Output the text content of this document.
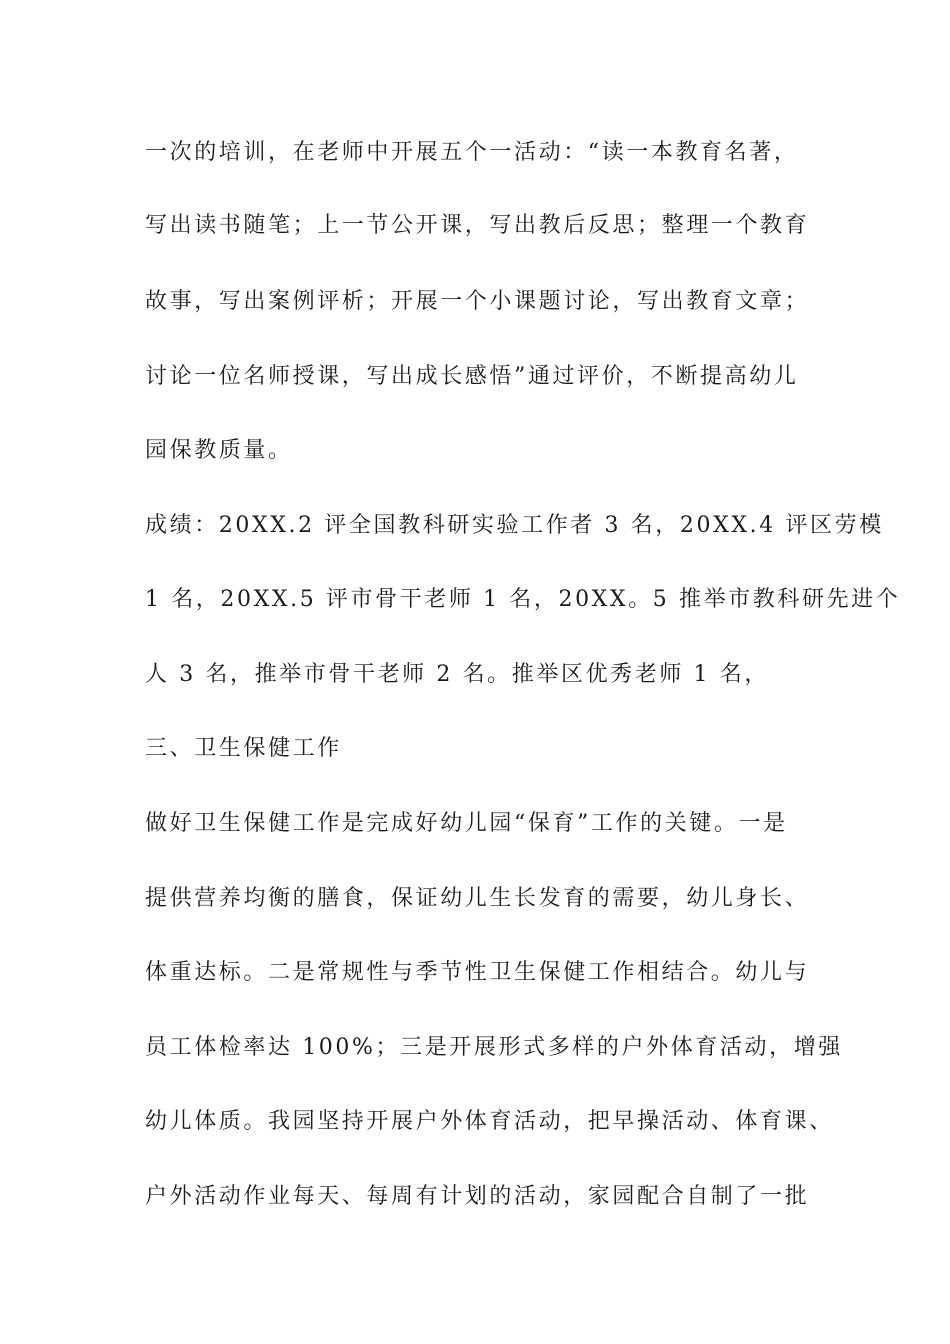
一次的培训，在老师中开展五个一活动：“读一本教育名著，
写出读书随笔；上一节公开课，写出教后反思；整理一个教育
故事，写出案例评析；开展一个小课题讨论，写出教育文章；
讨论一位名师授课，写出成长感悟”通过评价，不断提高幼儿
园保教质量。
成绩：20XX.2 评全国教科研实验工作者 3 名，20XX.4 评区劳模
1 名，20XX.5 评市骨干老师 1 名，20XX。5 推举市教科研先进个
人 3 名，推举市骨干老师 2 名。推举区优秀老师 1 名，
三、卫生保健工作
做好卫生保健工作是完成好幼儿园“保育”工作的关键。一是
提供营养均衡的膳食，保证幼儿生长发育的需要，幼儿身长、
体重达标。二是常规性与季节性卫生保健工作相结合。幼儿与
员工体检率达 100%；三是开展形式多样的户外体育活动，增强
幼儿体质。我园坚持开展户外体育活动，把早操活动、体育课、
户外活动作业每天、每周有计划的活动，家园配合自制了一批
